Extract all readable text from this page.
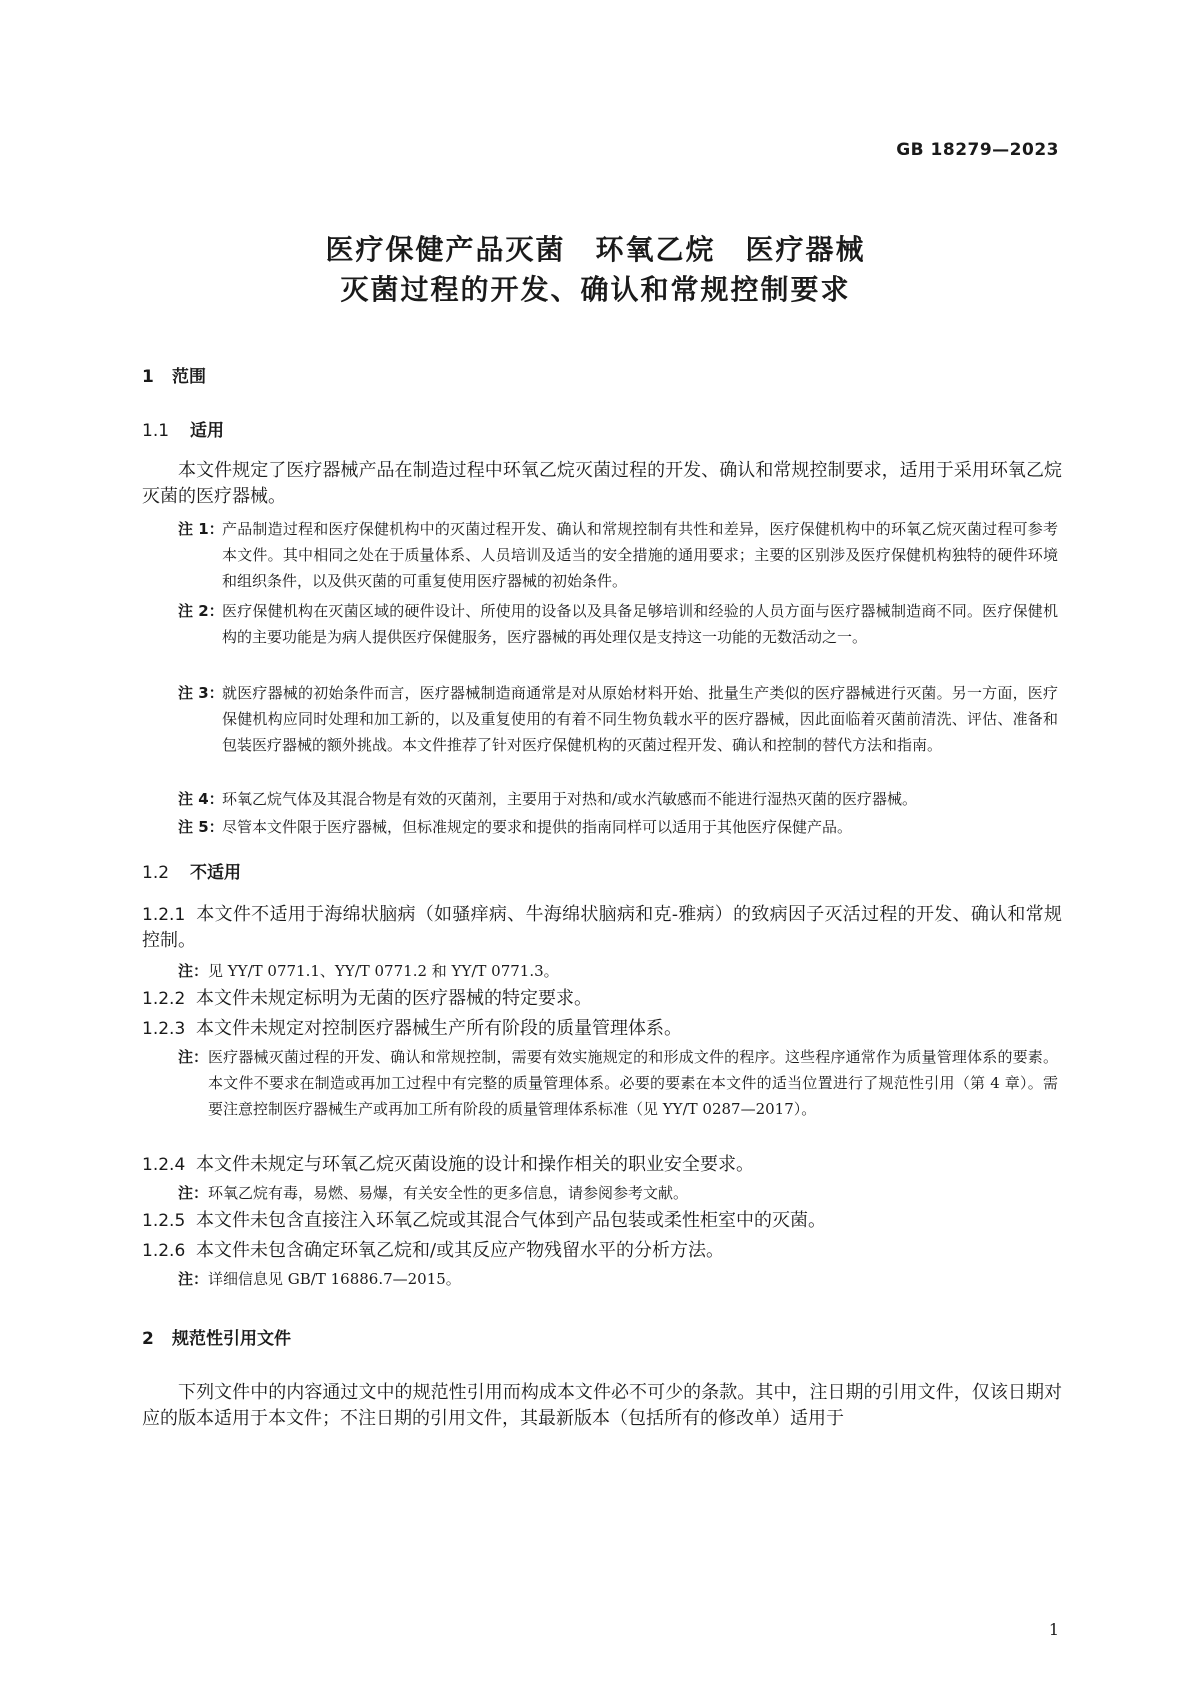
GB 18279—2023
医疗保健产品灭菌　环氧乙烷　医疗器械
灭菌过程的开发、确认和常规控制要求
1 范围
1.1 适用
本文件规定了医疗器械产品在制造过程中环氧乙烷灭菌过程的开发、确认和常规控制要求，适用于采用环氧乙烷灭菌的医疗器械。
注 1：
产品制造过程和医疗保健机构中的灭菌过程开发、确认和常规控制有共性和差异，医疗保健机构中的环氧乙烷灭菌过程可参考本文件。其中相同之处在于质量体系、人员培训及适当的安全措施的通用要求；主要的区别涉及医疗保健机构独特的硬件环境和组织条件，以及供灭菌的可重复使用医疗器械的初始条件。
注 2：
医疗保健机构在灭菌区域的硬件设计、所使用的设备以及具备足够培训和经验的人员方面与医疗器械制造商不同。医疗保健机构的主要功能是为病人提供医疗保健服务，医疗器械的再处理仅是支持这一功能的无数活动之一。
注 3：
就医疗器械的初始条件而言，医疗器械制造商通常是对从原始材料开始、批量生产类似的医疗器械进行灭菌。另一方面，医疗保健机构应同时处理和加工新的，以及重复使用的有着不同生物负载水平的医疗器械，因此面临着灭菌前清洗、评估、准备和包装医疗器械的额外挑战。本文件推荐了针对医疗保健机构的灭菌过程开发、确认和控制的替代方法和指南。
注 4：
环氧乙烷气体及其混合物是有效的灭菌剂，主要用于对热和/或水汽敏感而不能进行湿热灭菌的医疗器械。
注 5：
尽管本文件限于医疗器械，但标准规定的要求和提供的指南同样可以适用于其他医疗保健产品。
1.2 不适用
1.2.1 本文件不适用于海绵状脑病（如骚痒病、牛海绵状脑病和克-雅病）的致病因子灭活过程的开发、确认和常规控制。
注： 见 YY/T 0771.1、YY/T 0771.2 和 YY/T 0771.3。
1.2.2 本文件未规定标明为无菌的医疗器械的特定要求。
1.2.3 本文件未规定对控制医疗器械生产所有阶段的质量管理体系。
注： 医疗器械灭菌过程的开发、确认和常规控制，需要有效实施规定的和形成文件的程序。这些程序通常作为质量管理体系的要素。本文件不要求在制造或再加工过程中有完整的质量管理体系。必要的要素在本文件的适当位置进行了规范性引用（第 4 章）。需要注意控制医疗器械生产或再加工所有阶段的质量管理体系标准（见 YY/T 0287—2017）。
1.2.4 本文件未规定与环氧乙烷灭菌设施的设计和操作相关的职业安全要求。
注： 环氧乙烷有毒，易燃、易爆，有关安全性的更多信息，请参阅参考文献。
1.2.5 本文件未包含直接注入环氧乙烷或其混合气体到产品包装或柔性柜室中的灭菌。
1.2.6 本文件未包含确定环氧乙烷和/或其反应产物残留水平的分析方法。
注： 详细信息见 GB/T 16886.7—2015。
2 规范性引用文件
下列文件中的内容通过文中的规范性引用而构成本文件必不可少的条款。其中，注日期的引用文件，仅该日期对应的版本适用于本文件；不注日期的引用文件，其最新版本（包括所有的修改单）适用于
1
